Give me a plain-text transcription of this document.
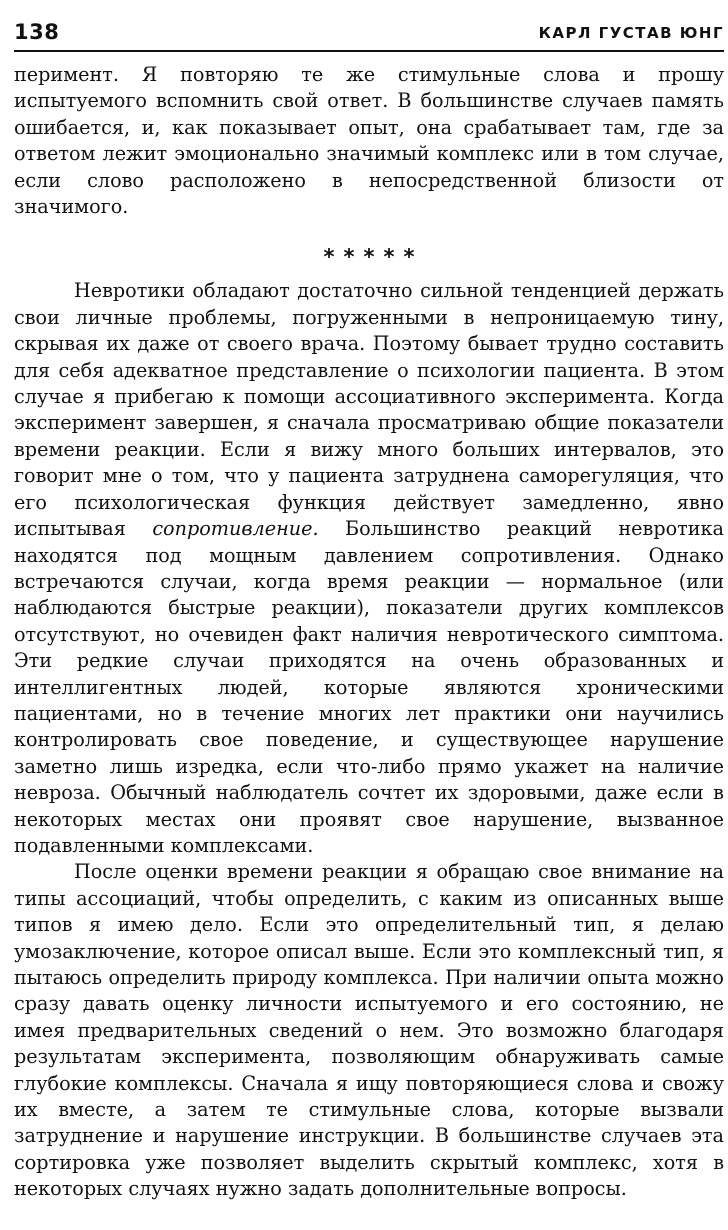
138	КАРЛ ГУСТАВ ЮНГ

перимент. Я повторяю те же стимульные слова и прошу испытуемого вспомнить свой ответ. В большинстве случаев память ошибается, и, как показывает опыт, она срабатывает там, где за ответом лежит эмоционально значимый комплекс или в том случае, если слово расположено в непосредственной близости от значимого.

*****

Невротики обладают достаточно сильной тенденцией держать свои личные проблемы, погруженными в непроницаемую тину, скрывая их даже от своего врача. Поэтому бывает трудно составить для себя адекватное представление о психологии пациента. В этом случае я прибегаю к помощи ассоциативного эксперимента. Когда эксперимент завершен, я сначала просматриваю общие показатели времени реакции. Если я вижу много больших интервалов, это говорит мне о том, что у пациента затруднена саморегуляция, что его психологическая функция действует замедленно, явно испытывая сопротивление. Большинство реакций невротика находятся под мощным давлением сопротивления. Однако встречаются случаи, когда время реакции — нормальное (или наблюдаются быстрые реакции), показатели других комплексов отсутствуют, но очевиден факт наличия невротического симптома. Эти редкие случаи приходятся на очень образованных и интеллигентных людей, которые являются хроническими пациентами, но в течение многих лет практики они научились контролировать свое поведение, и существующее нарушение заметно лишь изредка, если что-либо прямо укажет на наличие невроза. Обычный наблюдатель сочтет их здоровыми, даже если в некоторых местах они проявят свое нарушение, вызванное подавленными комплексами.

После оценки времени реакции я обращаю свое внимание на типы ассоциаций, чтобы определить, с каким из описанных выше типов я имею дело. Если это определительный тип, я делаю умозаключение, которое описал выше. Если это комплексный тип, я пытаюсь определить природу комплекса. При наличии опыта можно сразу давать оценку личности испытуемого и его состоянию, не имея предварительных сведений о нем. Это возможно благодаря результатам эксперимента, позволяющим обнаруживать самые глубокие комплексы. Сначала я ищу повторяющиеся слова и свожу их вместе, а затем те стимульные слова, которые вызвали затруднение и нарушение инструкции. В большинстве случаев эта сортировка уже позволяет выделить скрытый комплекс, хотя в некоторых случаях нужно задать дополнительные вопросы.
